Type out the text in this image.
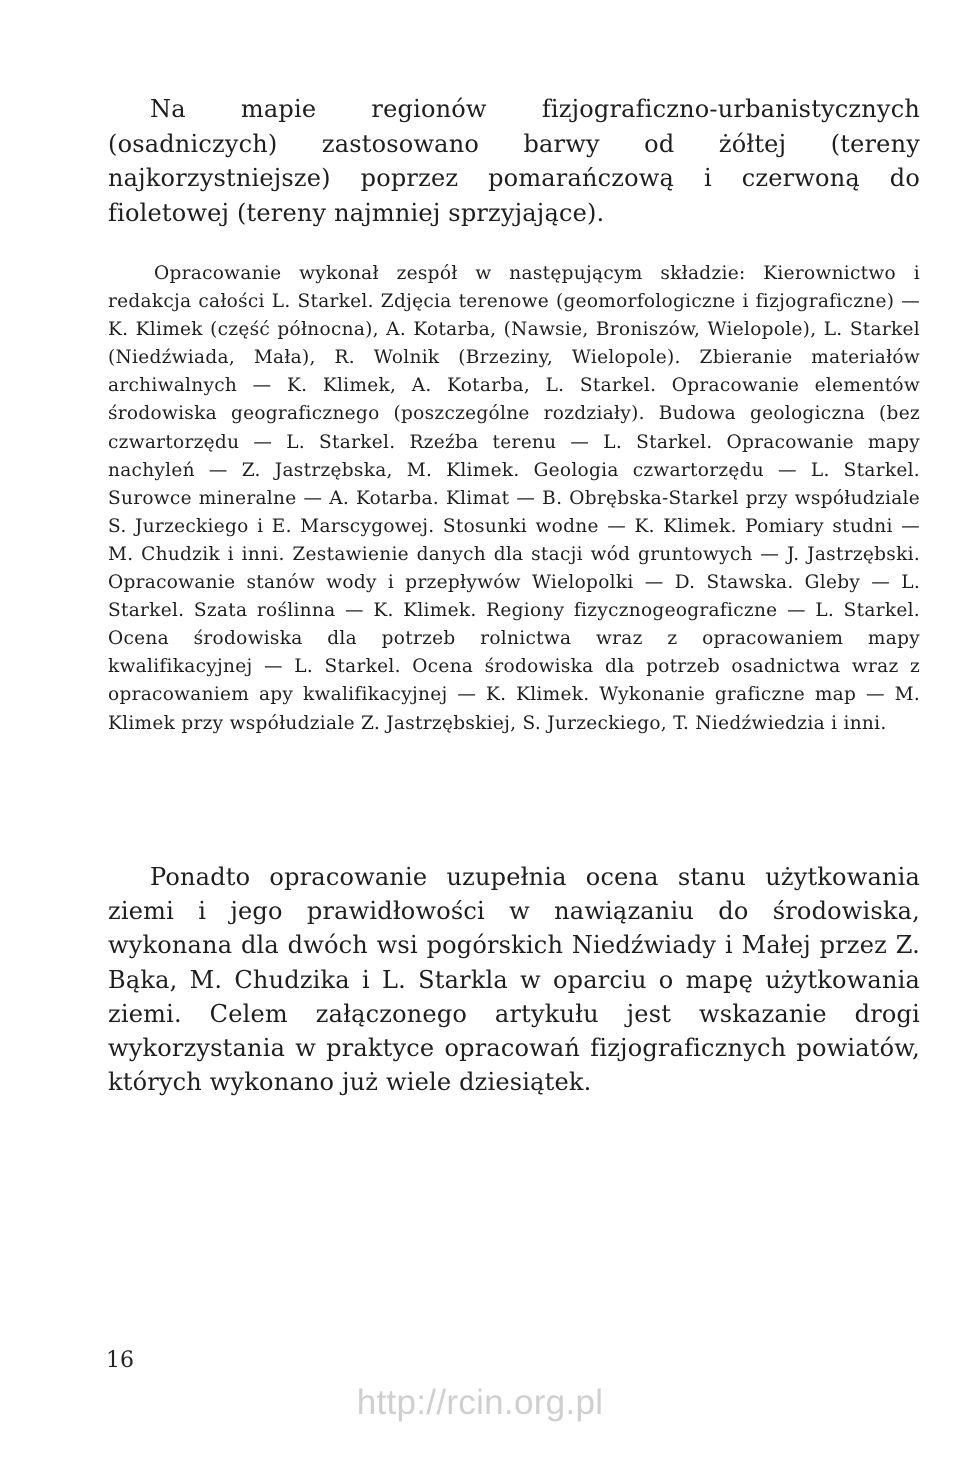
Na mapie regionów fizjograficzno-urbanistycznych (osadniczych) zastosowano barwy od żółtej (tereny najkorzystniejsze) poprzez pomarańczową i czerwoną do fioletowej (tereny najmniej sprzyjające).

Opracowanie wykonał zespół w następującym składzie: Kierownictwo i redakcja całości L. Starkel. Zdjęcia terenowe (geomorfologiczne i fizjograficzne) — K. Klimek (część północna), A. Kotarba, (Nawsie, Broniszów, Wielopole), L. Starkel (Niedźwiada, Mała), R. Wolnik (Brzeziny, Wielopole). Zbieranie materiałów archiwalnych — K. Klimek, A. Kotarba, L. Starkel. Opracowanie elementów środowiska geograficznego (poszczególne rozdziały). Budowa geologiczna (bez czwartorzędu — L. Starkel. Rzeźba terenu — L. Starkel. Opracowanie mapy nachyleń — Z. Jastrzębska, M. Klimek. Geologia czwartorzędu — L. Starkel. Surowce mineralne — A. Kotarba. Klimat — B. Obrębska-Starkel przy współudziale S. Jurzeckiego i E. Marscygowej. Stosunki wodne — K. Klimek. Pomiary studni — M. Chudzik i inni. Zestawienie danych dla stacji wód gruntowych — J. Jastrzębski. Opracowanie stanów wody i przepływów Wielopolki — D. Stawska. Gleby — L. Starkel. Szata roślinna — K. Klimek. Regiony fizycznogeograficzne — L. Starkel. Ocena środowiska dla potrzeb rolnictwa wraz z opracowaniem mapy kwalifikacyjnej — L. Starkel. Ocena środowiska dla potrzeb osadnictwa wraz z opracowaniem apy kwalifikacyjnej — K. Klimek. Wykonanie graficzne map — M. Klimek przy współudziale Z. Jastrzębskiej, S. Jurzeckiego, T. Niedźwiedzia i inni.

Ponadto opracowanie uzupełnia ocena stanu użytkowania ziemi i jego prawidłowości w nawiązaniu do środowiska, wykonana dla dwóch wsi pogórskich Niedźwiady i Małej przez Z. Bąka, M. Chudzika i L. Starkla w oparciu o mapę użytkowania ziemi. Celem załączonego artykułu jest wskazanie drogi wykorzystania w praktyce opracowań fizjograficznych powiatów, których wykonano już wiele dziesiątek.

16
http://rcin.org.pl
